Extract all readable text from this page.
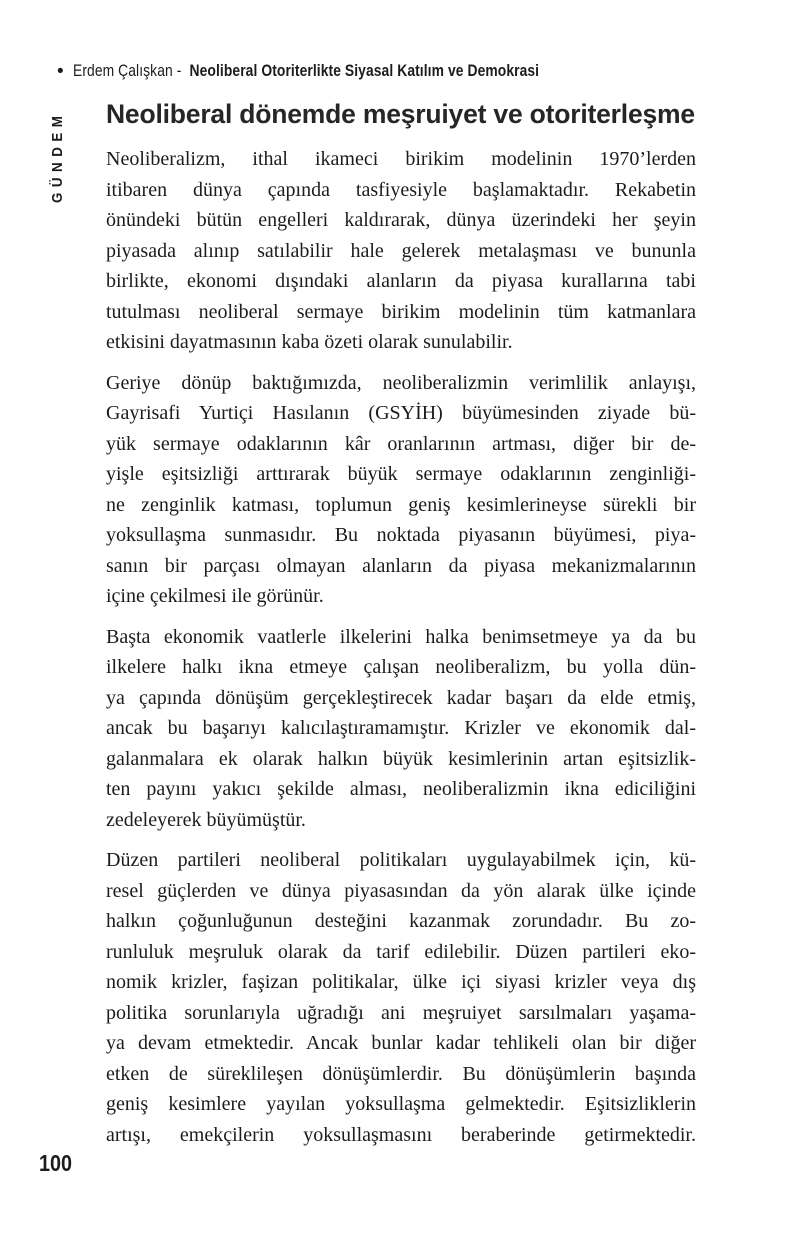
• Erdem Çalışkan - Neoliberal Otoriterlikte Siyasal Katılım ve Demokrasi
GÜNDEM Neoliberal dönemde meşruiyet ve otoriterleşme
Neoliberalizm, ithal ikameci birikim modelinin 1970’lerden
itibaren dünya çapında tasfiyesiyle başlamaktadır. Rekabetin
önündeki bütün engelleri kaldırarak, dünya üzerindeki her şeyin
piyasada alınıp satılabilir hale gelerek metalaşması ve bununla
birlikte, ekonomi dışındaki alanların da piyasa kurallarına tabi
tutulması neoliberal sermaye birikim modelinin tüm katmanlara
etkisini dayatmasının kaba özeti olarak sunulabilir.
Geriye dönüp baktığımızda, neoliberalizmin verimlilik anlayışı,
Gayrisafi Yurtiçi Hasılanın (GSYİH) büyümesinden ziyade bü-
yük sermaye odaklarının kâr oranlarının artması, diğer bir de-
yişle eşitsizliği arttırarak büyük sermaye odaklarının zenginliği-
ne zenginlik katması, toplumun geniş kesimlerineyse sürekli bir
yoksullaşma sunmasıdır. Bu noktada piyasanın büyümesi, piya-
sanın bir parçası olmayan alanların da piyasa mekanizmalarının
içine çekilmesi ile görünür.
Başta ekonomik vaatlerle ilkelerini halka benimsetmeye ya da bu
ilkelere halkı ikna etmeye çalışan neoliberalizm, bu yolla dün-
ya çapında dönüşüm gerçekleştirecek kadar başarı da elde etmiş,
ancak bu başarıyı kalıcılaştıramamıştır. Krizler ve ekonomik dal-
galanmalara ek olarak halkın büyük kesimlerinin artan eşitsizlik-
ten payını yakıcı şekilde alması, neoliberalizmin ikna ediciliğini
zedeleyerek büyümüştür.
Düzen partileri neoliberal politikaları uygulayabilmek için, kü-
resel güçlerden ve dünya piyasasından da yön alarak ülke içinde
halkın çoğunluğunun desteğini kazanmak zorundadır. Bu zo-
runluluk meşruluk olarak da tarif edilebilir. Düzen partileri eko-
nomik krizler, faşizan politikalar, ülke içi siyasi krizler veya dış
politika sorunlarıyla uğradığı ani meşruiyet sarsılmaları yaşama-
ya devam etmektedir. Ancak bunlar kadar tehlikeli olan bir diğer
etken de süreklileşen dönüşümlerdir. Bu dönüşümlerin başında
geniş kesimlere yayılan yoksullaşma gelmektedir. Eşitsizliklerin
artışı, emekçilerin yoksullaşmasını beraberinde getirmektedir.
100
